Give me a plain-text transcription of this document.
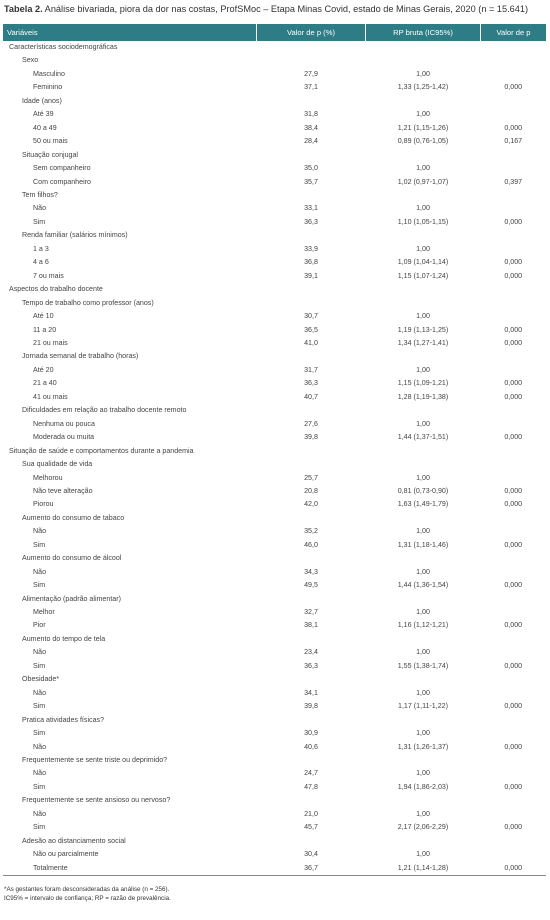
Tabela 2. Análise bivariada, piora da dor nas costas, ProfSMoc – Etapa Minas Covid, estado de Minas Gerais, 2020 (n = 15.641)
Variáveis	Valor de p (%)	RP bruta (IC95%)	Valor de p
Características sociodemográficas			
Sexo			
Masculino	27,9	1,00	
Feminino	37,1	1,33 (1,25-1,42)	0,000
Idade (anos)			
Até 39	31,8	1,00	
40 a 49	38,4	1,21 (1,15-1,26)	0,000
50 ou mais	28,4	0,89 (0,76-1,05)	0,167
Situação conjugal			
Sem companheiro	35,0	1,00	
Com companheiro	35,7	1,02 (0,97-1,07)	0,397
Tem filhos?			
Não	33,1	1,00	
Sim	36,3	1,10 (1,05-1,15)	0,000
Renda familiar (salários mínimos)			
1 a 3	33,9	1,00	
4 a 6	36,8	1,09 (1,04-1,14)	0,000
7 ou mais	39,1	1,15 (1,07-1,24)	0,000
Aspectos do trabalho docente			
Tempo de trabalho como professor (anos)			
Até 10	30,7	1,00	
11 a 20	36,5	1,19 (1,13-1,25)	0,000
21 ou mais	41,0	1,34 (1,27-1,41)	0,000
Jornada semanal de trabalho (horas)			
Até 20	31,7	1,00	
21 a 40	36,3	1,15 (1,09-1,21)	0,000
41 ou mais	40,7	1,28 (1,19-1,38)	0,000
Dificuldades em relação ao trabalho docente remoto			
Nenhuma ou pouca	27,6	1,00	
Moderada ou muita	39,8	1,44 (1,37-1,51)	0,000
Situação de saúde e comportamentos durante a pandemia			
Sua qualidade de vida			
Melhorou	25,7	1,00	
Não teve alteração	20,8	0,81 (0,73-0,90)	0,000
Piorou	42,0	1,63 (1,49-1,79)	0,000
Aumento do consumo de tabaco			
Não	35,2	1,00	
Sim	46,0	1,31 (1,18-1,46)	0,000
Aumento do consumo de álcool			
Não	34,3	1,00	
Sim	49,5	1,44 (1,36-1,54)	0,000
Alimentação (padrão alimentar)			
Melhor	32,7	1,00	
Pior	38,1	1,16 (1,12-1,21)	0,000
Aumento do tempo de tela			
Não	23,4	1,00	
Sim	36,3	1,55 (1,38-1,74)	0,000
Obesidade*			
Não	34,1	1,00	
Sim	39,8	1,17 (1,11-1,22)	0,000
Pratica atividades físicas?			
Sim	30,9	1,00	
Não	40,6	1,31 (1,26-1,37)	0,000
Frequentemente se sente triste ou deprimido?			
Não	24,7	1,00	
Sim	47,8	1,94 (1,86-2,03)	0,000
Frequentemente se sente ansioso ou nervoso?			
Não	21,0	1,00	
Sim	45,7	2,17 (2,06-2,29)	0,000
Adesão ao distanciamento social			
Não ou parcialmente	30,4	1,00	
Totalmente	36,7	1,21 (1,14-1,28)	0,000
*As gestantes foram desconsideradas da análise (n = 256).
IC95% = intervalo de confiança; RP = razão de prevalência.
